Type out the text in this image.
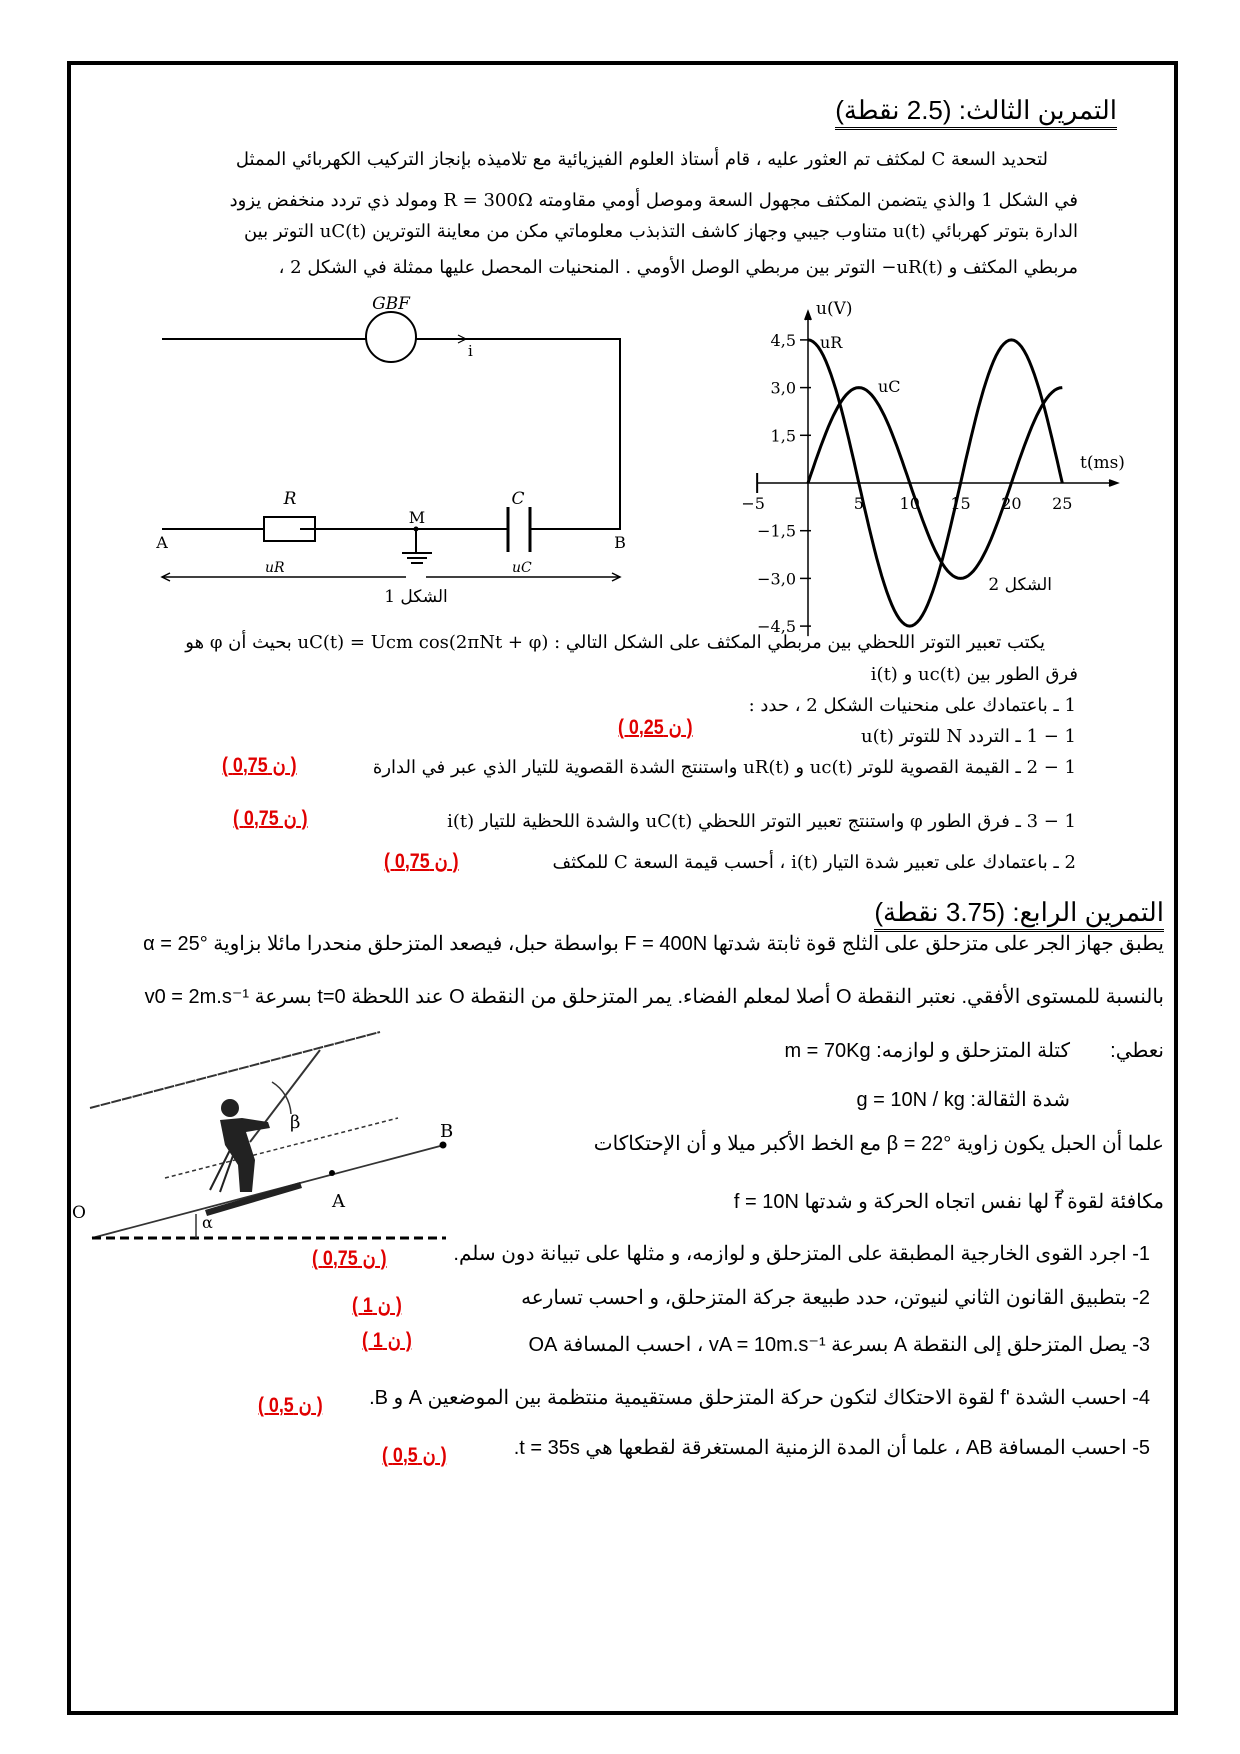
التمرين الثالث: (2.5 نقطة)
لتحديد السعة C لمكثف تم العثور عليه ، قام أستاذ العلوم الفيزيائية مع تلاميذه بإنجاز التركيب الكهربائي الممثل
في الشكل 1 والذي يتضمن المكثف مجهول السعة وموصل أومي مقاومته R = 300Ω ومولد ذي تردد منخفض يزود
الدارة بتوتر كهربائي u(t) متناوب جيبي وجهاز كاشف التذبذب معلوماتي مكن من معاينة التوترين uC(t) التوتر بين
مربطي المكثف و uR(t)− التوتر بين مربطي الوصل الأومي . المنحنيات المحصل عليها ممثلة في الشكل 2 ،
GBF
i
R	C
M
A	B
uR	uC
الشكل 1
4,5
3,0
1,5
−1,5
−3,0
−4,5
−5	5 10 15 20 25
u(V)
t(ms)
uR
uC
الشكل 2
يكتب تعبير التوتر اللحظي بين مربطي المكثف على الشكل التالي : uC(t) = Ucm cos(2πNt + φ) بحيث أن φ هو
فرق الطور بين uc(t) و i(t)
1 ـ باعتمادك على منحنيات الشكل 2 ، حدد :
1 − 1 ـ التردد N للتوتر u(t)
( ن 0,25 )
1 − 2 ـ القيمة القصوية للوتر uc(t) و uR(t) واستنتج الشدة القصوية للتيار الذي عبر في الدارة
( ن 0,75 )
1 − 3 ـ فرق الطور φ واستنتج تعبير التوتر اللحظي uC(t) والشدة اللحظية للتيار i(t)
( ن 0,75 )
2 ـ باعتمادك على تعبير شدة التيار i(t) ، أحسب قيمة السعة C للمكثف
( ن 0,75 )
التمرين الرابع: (3.75 نقطة)
يطبق جهاز الجر على متزحلق على الثلج قوة ثابتة شدتها F = 400N بواسطة حبل، فيصعد المتزحلق منحدرا مائلا بزاوية α = 25°
بالنسبة للمستوى الأفقي. نعتبر النقطة O أصلا لمعلم الفضاء. يمر المتزحلق من النقطة O عند اللحظة t=0 بسرعة v0 = 2m.s⁻¹
نعطي:
كتلة المتزحلق و لوازمه: m = 70Kg
شدة الثقالة: g = 10N / kg
علما أن الحبل يكون زاوية β = 22° مع الخط الأكبر ميلا و أن الإحتكاكات
مكافئة لقوة f⃗ لها نفس اتجاه الحركة و شدتها f = 10N
O
A
B
α
β
1- اجرد القوى الخارجية المطبقة على المتزحلق و لوازمه، و مثلها على تبيانة دون سلم.
( ن 0,75 )
2- بتطبيق القانون الثاني لنيوتن، حدد طبيعة جركة المتزحلق، و احسب تسارعه
( ن 1 )
3- يصل المتزحلق إلى النقطة A بسرعة vA = 10m.s⁻¹ ، احسب المسافة OA
( ن 1 )
4- احسب الشدة 'f لقوة الاحتكاك لتكون حركة المتزحلق مستقيمية منتظمة بين الموضعين A و B.
( ن 0,5 )
5- احسب المسافة AB ، علما أن المدة الزمنية المستغرقة لقطعها هي t = 35s.
( ن 0,5 )
